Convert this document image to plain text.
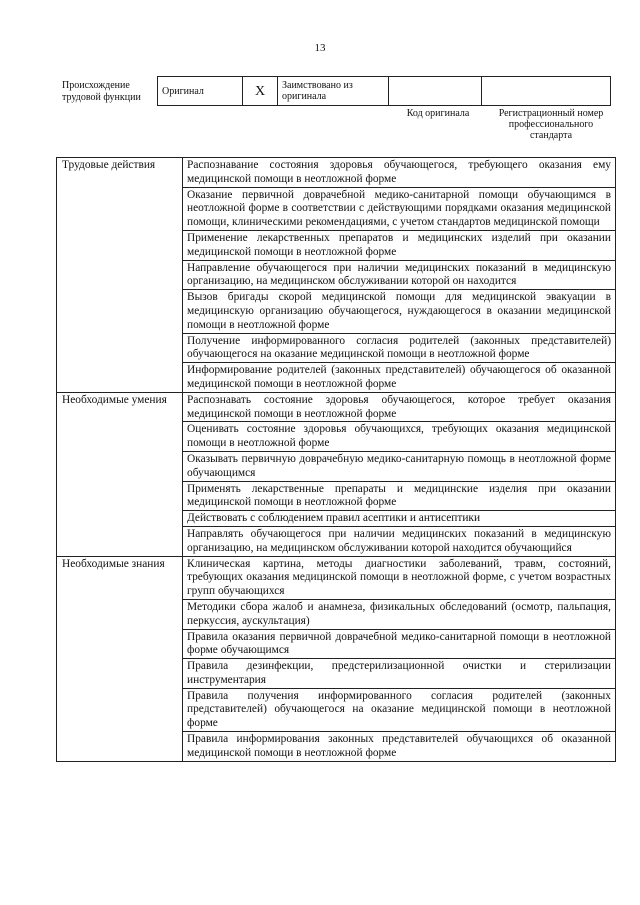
13
Происхождение трудовой функции
Оригинал	X	Заимствовано из оригинала		
Код оригинала	Регистрационный номер профессионального стандарта
Трудовые действия	Распознавание состояния здоровья обучающегося, требующего оказания ему медицинской помощи в неотложной форме
	Оказание первичной доврачебной медико-санитарной помощи обучающимся в неотложной форме в соответствии с действующими порядками оказания медицинской помощи, клиническими рекомендациями, с учетом стандартов медицинской помощи
	Применение лекарственных препаратов и медицинских изделий при оказании медицинской помощи в неотложной форме
	Направление обучающегося при наличии медицинских показаний в медицинскую организацию, на медицинском обслуживании которой он находится
	Вызов бригады скорой медицинской помощи для медицинской эвакуации в медицинскую организацию обучающегося, нуждающегося в оказании медицинской помощи в неотложной форме
	Получение информированного согласия родителей (законных представителей) обучающегося на оказание медицинской помощи в неотложной форме
	Информирование родителей (законных представителей) обучающегося об оказанной медицинской помощи в неотложной форме
Необходимые умения	Распознавать состояние здоровья обучающегося, которое требует оказания медицинской помощи в неотложной форме
	Оценивать состояние здоровья обучающихся, требующих оказания медицинской помощи в неотложной форме
	Оказывать первичную доврачебную медико-санитарную помощь в неотложной форме обучающимся
	Применять лекарственные препараты и медицинские изделия при оказании медицинской помощи в неотложной форме
	Действовать с соблюдением правил асептики и антисептики
	Направлять обучающегося при наличии медицинских показаний в медицинскую организацию, на медицинском обслуживании которой находится обучающийся
Необходимые знания	Клиническая картина, методы диагностики заболеваний, травм, состояний, требующих оказания медицинской помощи в неотложной форме, с учетом возрастных групп обучающихся
	Методики сбора жалоб и анамнеза, физикальных обследований (осмотр, пальпация, перкуссия, аускультация)
	Правила оказания первичной доврачебной медико-санитарной помощи в неотложной форме обучающимся
	Правила дезинфекции, предстерилизационной очистки и стерилизации инструментария
	Правила получения информированного согласия родителей (законных представителей) обучающегося на оказание медицинской помощи в неотложной форме
	Правила информирования законных представителей обучающихся об оказанной медицинской помощи в неотложной форме
